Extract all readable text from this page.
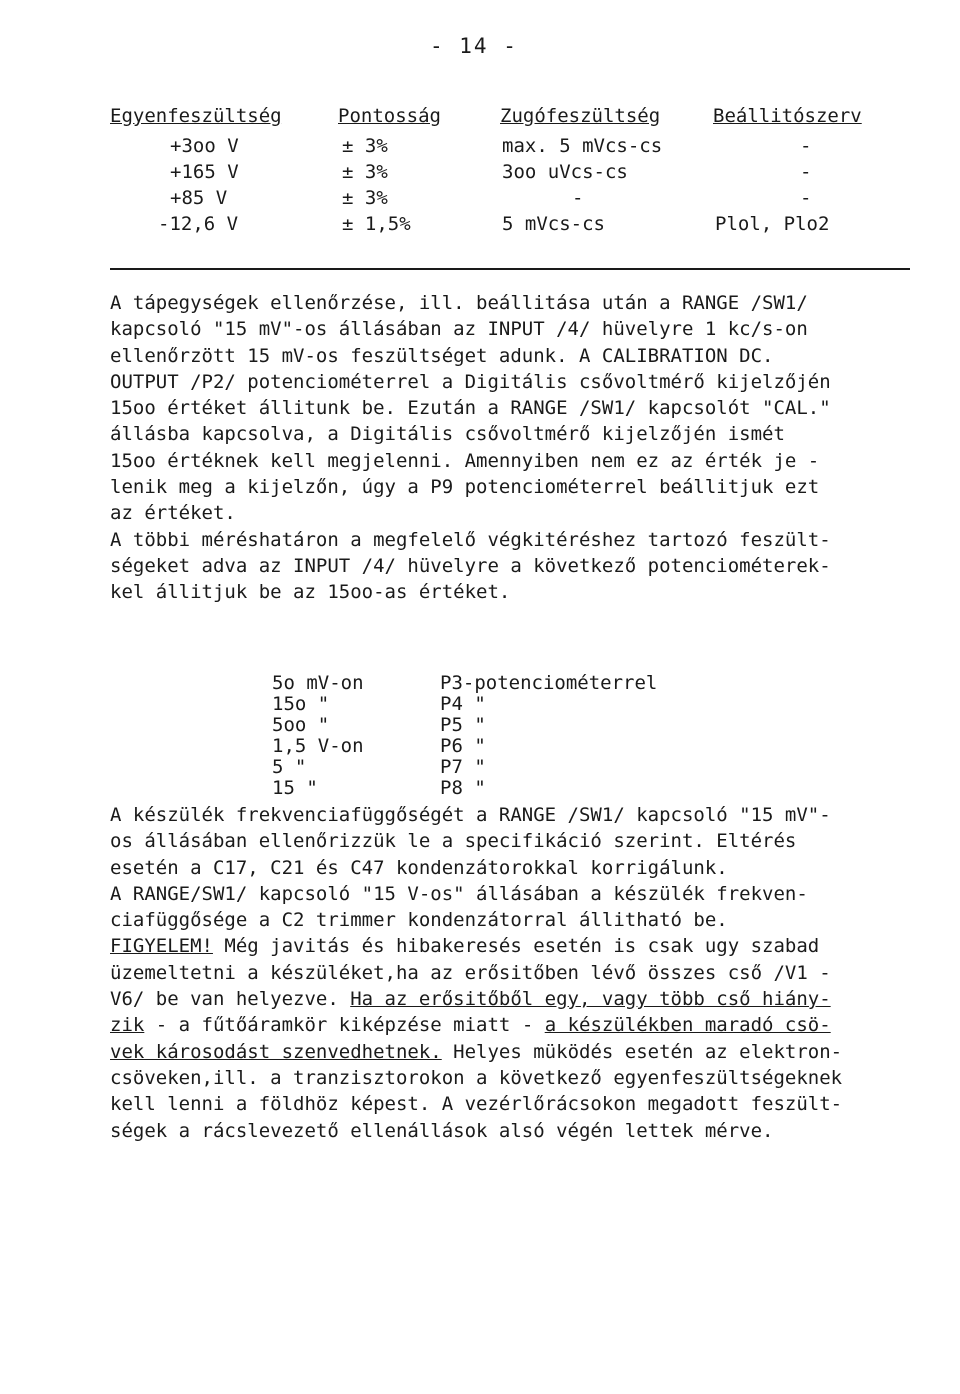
- 14 -
Egyenfeszültség	Pontosság	Zugófeszültség	Beállitószerv
+3oo V	± 3%	max. 5 mVcs-cs	-
+165 V	± 3%	3oo uVcs-cs	-
+85 V	± 3%	-	-
-12,6 V	± 1,5%	5 mVcs-cs	Plol, Plo2

A tápegységek ellenőrzése, ill. beállitása után a RANGE /SW1/

kapcsoló "15 mV"-os állásában az INPUT /4/ hüvelyre 1 kc/s-on

ellenőrzött 15 mV-os feszültséget adunk. A CALIBRATION DC.

OUTPUT /P2/ potenciométerrel a Digitális csővoltmérő kijelzőjén

15oo értéket állitunk be. Ezután a RANGE /SW1/ kapcsolót "CAL."

állásba kapcsolva, a Digitális csővoltmérő kijelzőjén ismét

15oo értéknek kell megjelenni. Amennyiben nem ez az érték je -

lenik meg a kijelzőn, úgy a P9 potenciométerrel beállitjuk ezt

az értéket.

A többi méréshatáron a megfelelő végkitéréshez tartozó feszült-

ségeket adva az INPUT /4/ hüvelyre a következő potenciométerek-

kel állitjuk be az 15oo-as értéket.

5o mV-on	P3-potenciométerrel
15o "	P4 "
5oo "	P5 "
1,5 V-on	P6 "
5 "	P7 "
15 "	P8 "

A készülék frekvenciafüggőségét a RANGE /SW1/ kapcsoló "15 mV"-

os állásában ellenőrizzük le a specifikáció szerint. Eltérés

esetén a C17, C21 és C47 kondenzátorokkal korrigálunk.

A RANGE/SW1/ kapcsoló "15 V-os" állásában a készülék frekven-

ciafüggősége a C2 trimmer kondenzátorral állitható be.

FIGYELEM! Még javitás és hibakeresés esetén is csak ugy szabad

üzemeltetni a készüléket,ha az erősitőben lévő összes cső /V1 -

V6/ be van helyezve. Ha az erősitőből egy, vagy több cső hiány-

zik - a fűtőáramkör kiképzése miatt - a készülékben maradó csö-

vek károsodást szenvedhetnek. Helyes müködés esetén az elektron-

csöveken,ill. a tranzisztorokon a következő egyenfeszültségeknek

kell lenni a földhöz képest. A vezérlőrácsokon megadott feszült-

ségek a rácslevezető ellenállások alsó végén lettek mérve.
